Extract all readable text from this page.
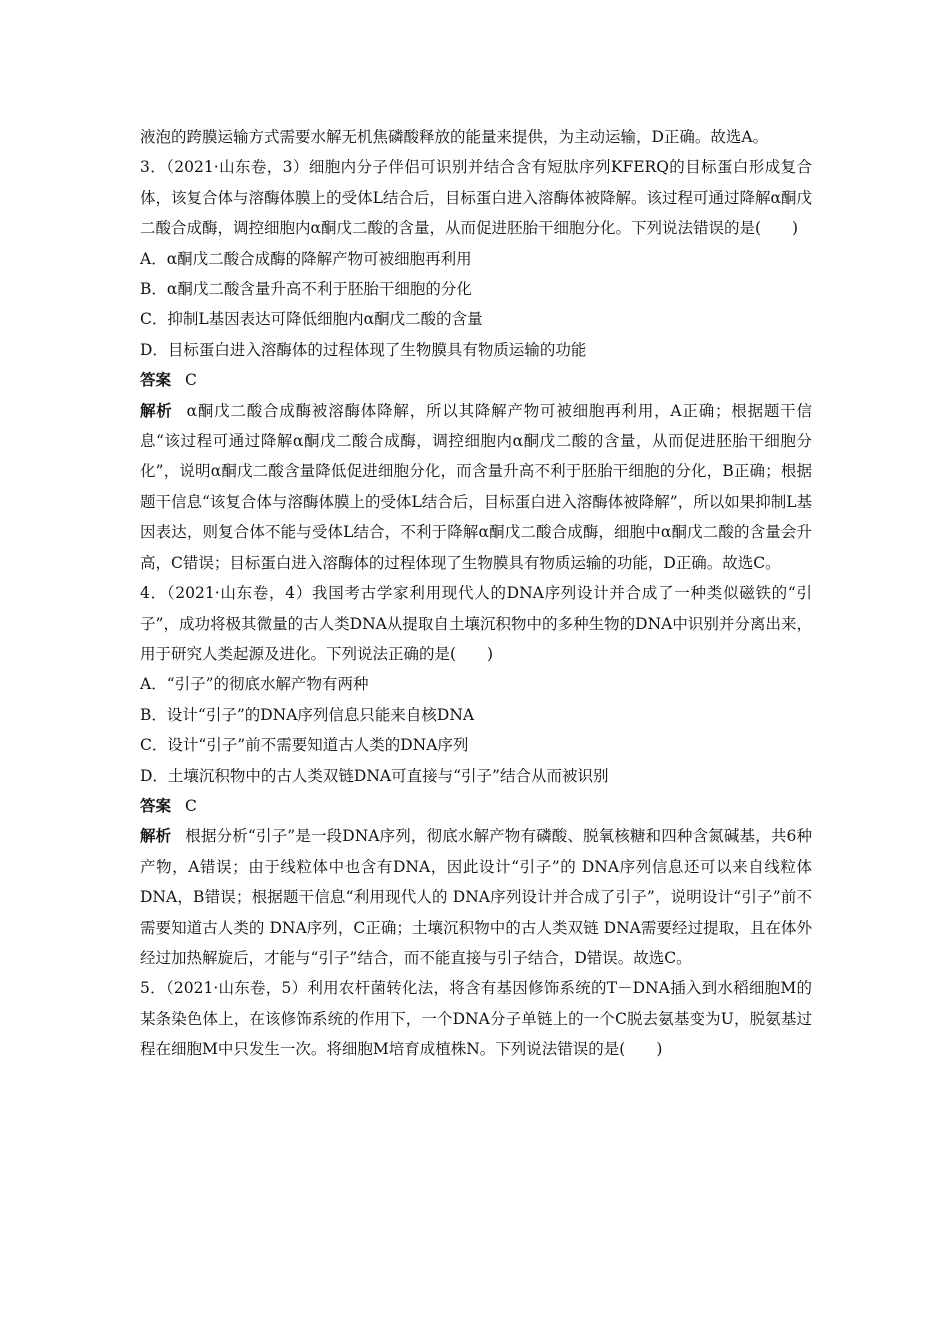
液泡的跨膜运输方式需要水解无机焦磷酸释放的能量来提供，为主动运输，D正确。故选A。

3．（2021·山东卷，3）细胞内分子伴侣可识别并结合含有短肽序列KFERQ的目标蛋白形成复合体，该复合体与溶酶体膜上的受体L结合后，目标蛋白进入溶酶体被降解。该过程可通过降解α酮戊二酸合成酶，调控细胞内α酮戊二酸的含量，从而促进胚胎干细胞分化。下列说法错误的是(　　)

A．α酮戊二酸合成酶的降解产物可被细胞再利用
B．α酮戊二酸含量升高不利于胚胎干细胞的分化
C．抑制L基因表达可降低细胞内α酮戊二酸的含量
D．目标蛋白进入溶酶体的过程体现了生物膜具有物质运输的功能

答案 C

解析 α酮戊二酸合成酶被溶酶体降解，所以其降解产物可被细胞再利用，A正确；根据题干信息“该过程可通过降解α酮戊二酸合成酶，调控细胞内α酮戊二酸的含量，从而促进胚胎干细胞分化”，说明α酮戊二酸含量降低促进细胞分化，而含量升高不利于胚胎干细胞的分化，B正确；根据题干信息“该复合体与溶酶体膜上的受体L结合后，目标蛋白进入溶酶体被降解”，所以如果抑制L基因表达，则复合体不能与受体L结合，不利于降解α酮戊二酸合成酶，细胞中α酮戊二酸的含量会升高，C错误；目标蛋白进入溶酶体的过程体现了生物膜具有物质运输的功能，D正确。故选C。

4．（2021·山东卷，4）我国考古学家利用现代人的DNA序列设计并合成了一种类似磁铁的“引子”，成功将极其微量的古人类DNA从提取自土壤沉积物中的多种生物的DNA中识别并分离出来，用于研究人类起源及进化。下列说法正确的是(　　)

A．“引子”的彻底水解产物有两种
B．设计“引子”的DNA序列信息只能来自核DNA
C．设计“引子”前不需要知道古人类的DNA序列
D．土壤沉积物中的古人类双链DNA可直接与“引子”结合从而被识别

答案 C

解析 根据分析“引子”是一段DNA序列，彻底水解产物有磷酸、脱氧核糖和四种含氮碱基，共6种产物，A错误；由于线粒体中也含有DNA，因此设计“引子”的 DNA序列信息还可以来自线粒体DNA，B错误；根据题干信息“利用现代人的 DNA序列设计并合成了引子”，说明设计“引子”前不需要知道古人类的 DNA序列，C正确；土壤沉积物中的古人类双链 DNA需要经过提取，且在体外经过加热解旋后，才能与“引子”结合，而不能直接与引子结合，D错误。故选C。

5．（2021·山东卷，5）利用农杆菌转化法，将含有基因修饰系统的T－DNA插入到水稻细胞M的某条染色体上，在该修饰系统的作用下，一个DNA分子单链上的一个C脱去氨基变为U，脱氨基过程在细胞M中只发生一次。将细胞M培育成植株N。下列说法错误的是(　　)
